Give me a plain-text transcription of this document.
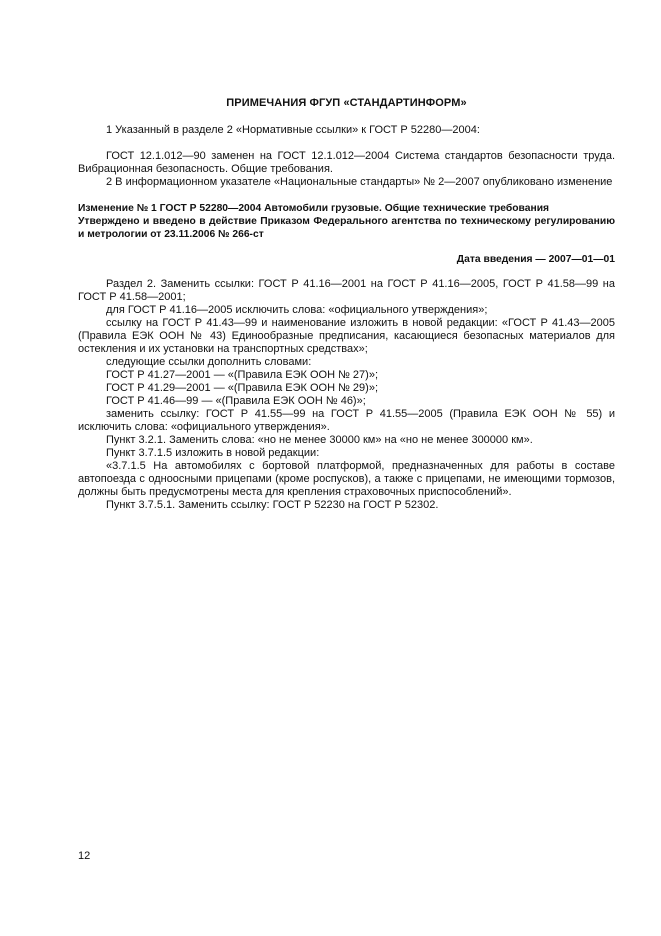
ПРИМЕЧАНИЯ ФГУП «СТАНДАРТИНФОРМ»
1 Указанный в разделе 2 «Нормативные ссылки» к ГОСТ Р 52280—2004:
ГОСТ 12.1.012—90 заменен на ГОСТ 12.1.012—2004 Система стандартов безопасности труда. Вибрационная безопасность. Общие требования.
2 В информационном указателе «Национальные стандарты» № 2—2007 опубликовано изменение
Изменение № 1 ГОСТ Р 52280—2004 Автомобили грузовые. Общие технические требования
Утверждено и введено в действие Приказом Федерального агентства по техническому регулированию и метрологии от 23.11.2006 № 266-ст
Дата введения — 2007—01—01
Раздел 2. Заменить ссылки: ГОСТ Р 41.16—2001 на ГОСТ Р 41.16—2005, ГОСТ Р 41.58—99 на ГОСТ Р 41.58—2001;
для ГОСТ Р 41.16—2005 исключить слова: «официального утверждения»;
ссылку на ГОСТ Р 41.43—99 и наименование изложить в новой редакции: «ГОСТ Р 41.43—2005 (Правила ЕЭК ООН № 43) Единообразные предписания, касающиеся безопасных материалов для остекления и их установки на транспортных средствах»;
следующие ссылки дополнить словами:
ГОСТ Р 41.27—2001 — «(Правила ЕЭК ООН № 27)»;
ГОСТ Р 41.29—2001 — «(Правила ЕЭК ООН № 29)»;
ГОСТ Р 41.46—99 — «(Правила ЕЭК ООН № 46)»;
заменить ссылку: ГОСТ Р 41.55—99 на ГОСТ Р 41.55—2005 (Правила ЕЭК ООН № 55) и исключить слова: «официального утверждения».
Пункт 3.2.1. Заменить слова: «но не менее 30000 км» на «но не менее 300000 км».
Пункт 3.7.1.5 изложить в новой редакции:
«3.7.1.5 На автомобилях с бортовой платформой, предназначенных для работы в составе автопоезда с одноосными прицепами (кроме роспусков), а также с прицепами, не имеющими тормозов, должны быть предусмотрены места для крепления страховочных приспособлений».
Пункт 3.7.5.1. Заменить ссылку: ГОСТ Р 52230 на ГОСТ Р 52302.
12
